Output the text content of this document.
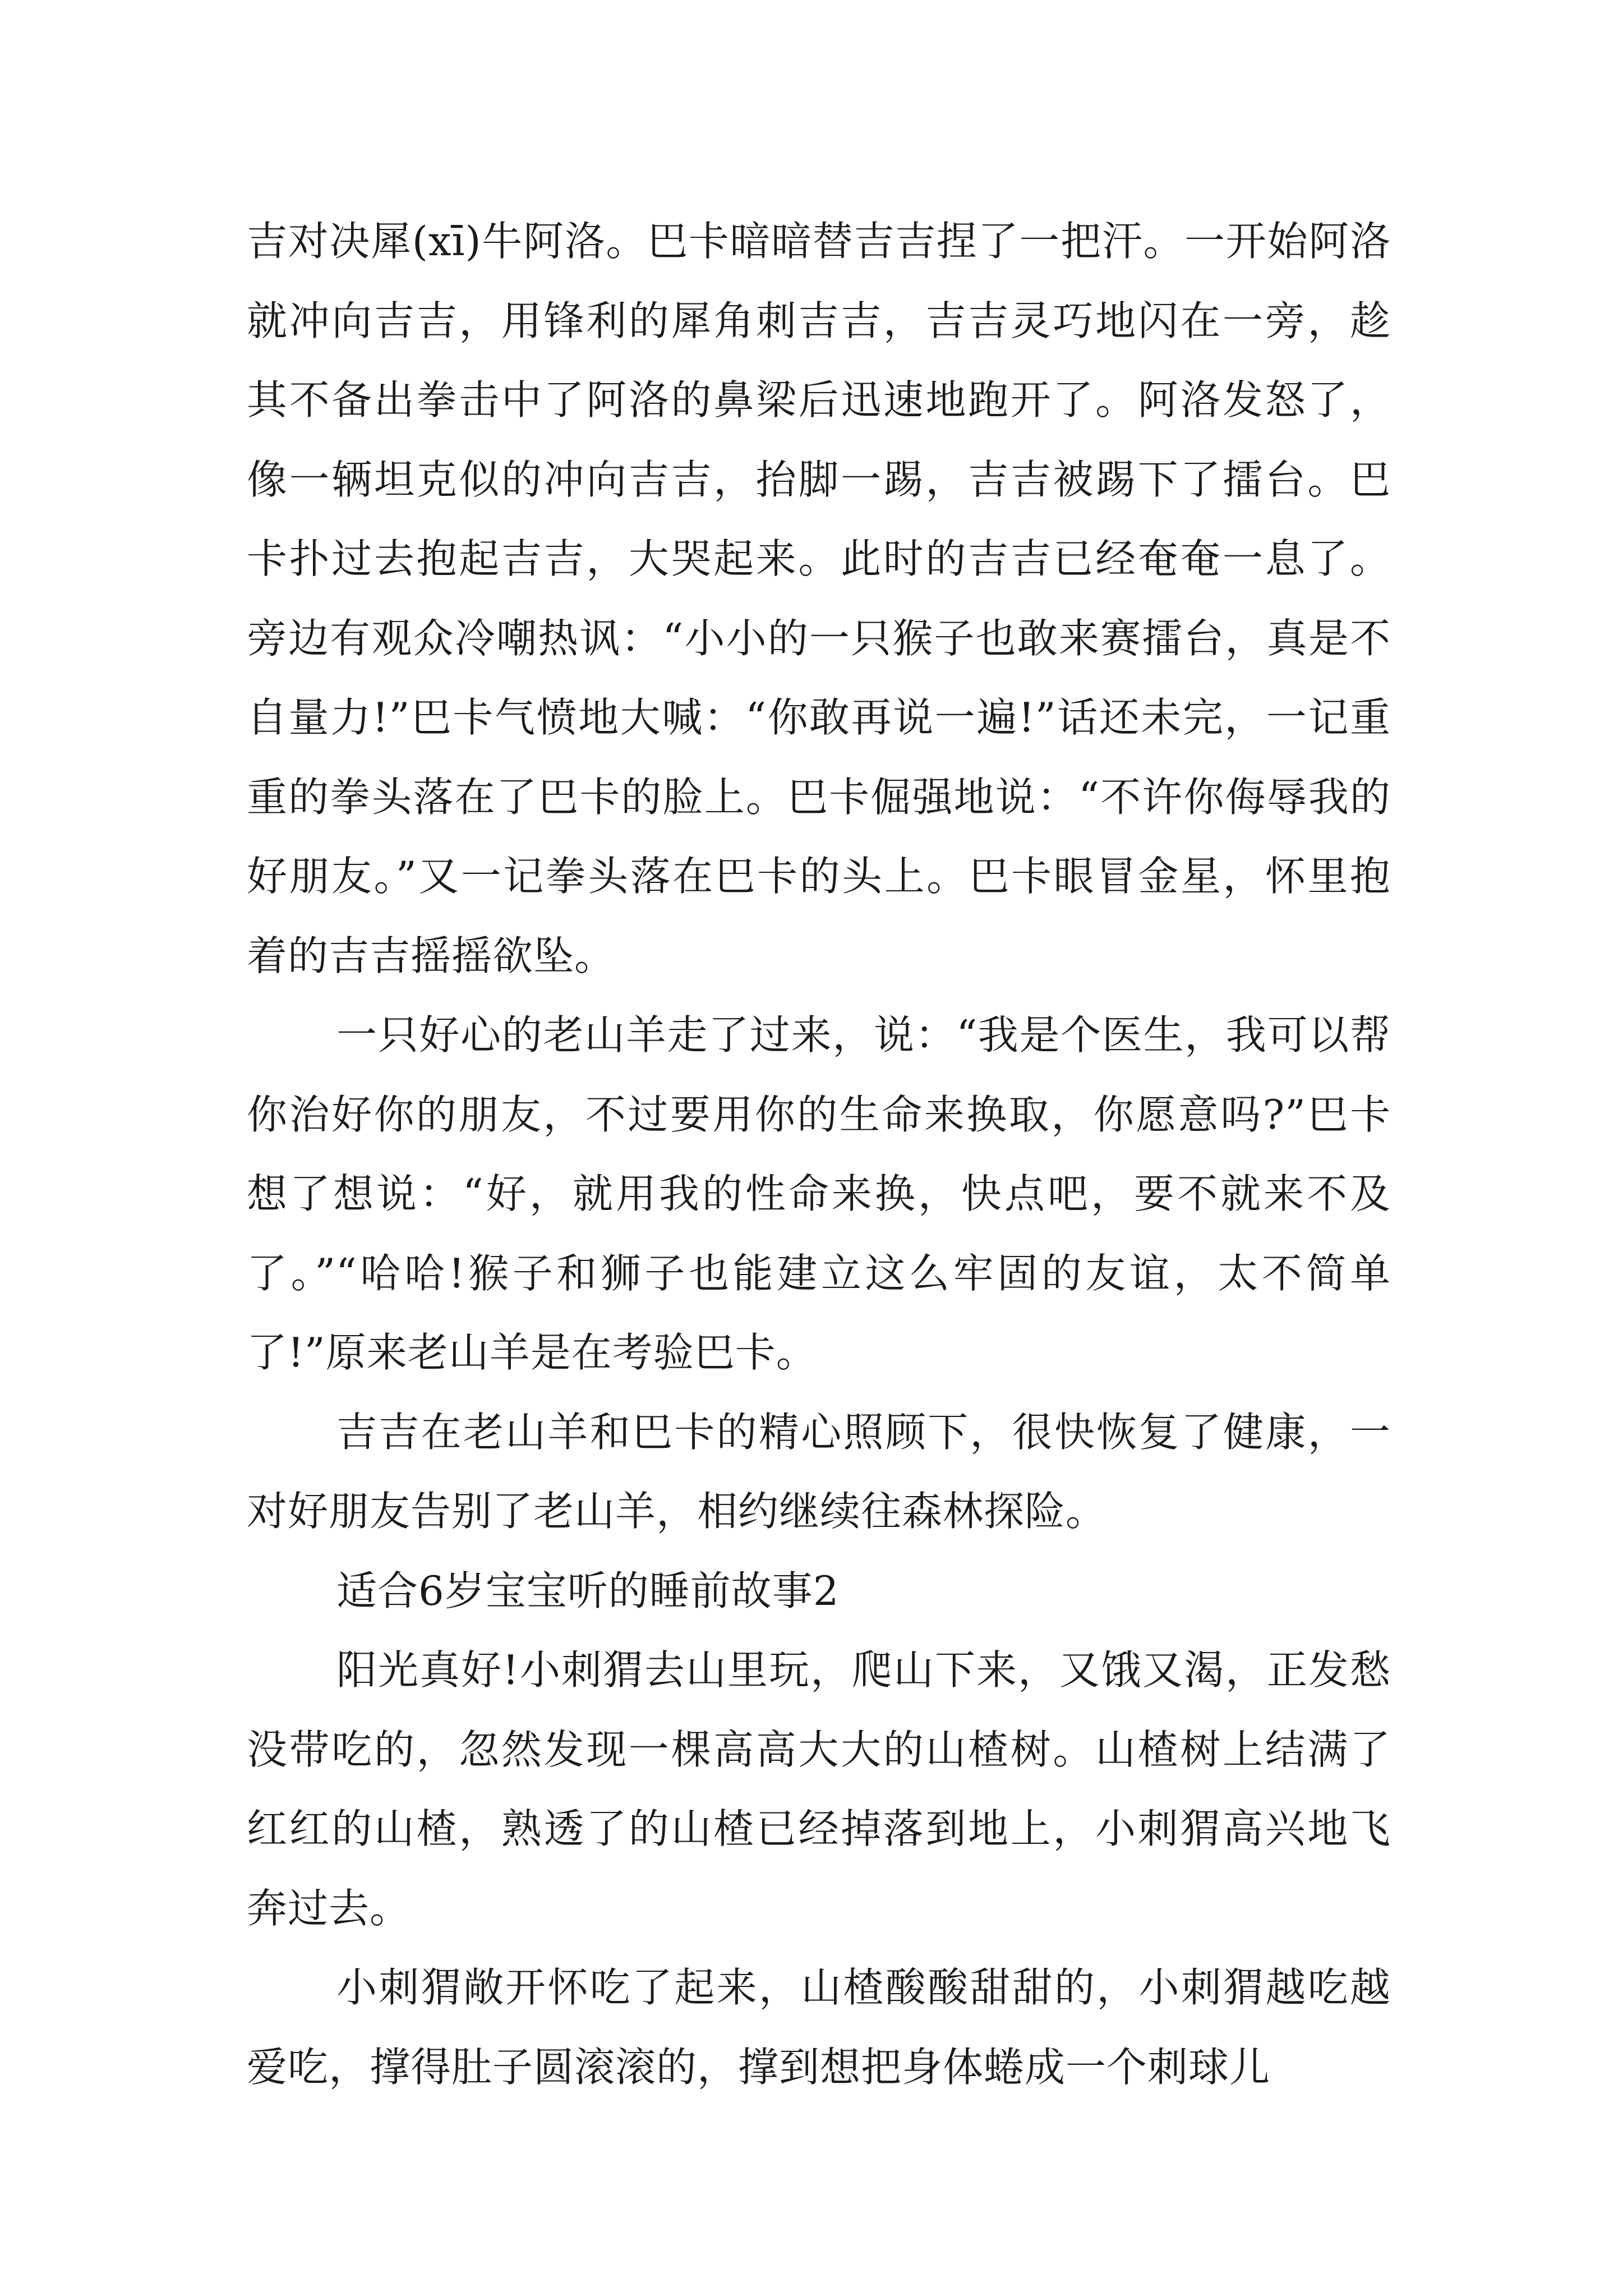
吉对决犀(xī)牛阿洛。巴卡暗暗替吉吉捏了一把汗。一开始阿洛就冲向吉吉，用锋利的犀角刺吉吉，吉吉灵巧地闪在一旁，趁其不备出拳击中了阿洛的鼻梁后迅速地跑开了。阿洛发怒了，像一辆坦克似的冲向吉吉，抬脚一踢，吉吉被踢下了擂台。巴卡扑过去抱起吉吉，大哭起来。此时的吉吉已经奄奄一息了。旁边有观众冷嘲热讽：“小小的一只猴子也敢来赛擂台，真是不自量力!”巴卡气愤地大喊：“你敢再说一遍!”话还未完，一记重重的拳头落在了巴卡的脸上。巴卡倔强地说：“不许你侮辱我的好朋友。”又一记拳头落在巴卡的头上。巴卡眼冒金星，怀里抱着的吉吉摇摇欲坠。

一只好心的老山羊走了过来，说：“我是个医生，我可以帮你治好你的朋友，不过要用你的生命来换取，你愿意吗?”巴卡想了想说：“好，就用我的性命来换，快点吧，要不就来不及了。”“哈哈!猴子和狮子也能建立这么牢固的友谊，太不简单了!”原来老山羊是在考验巴卡。

吉吉在老山羊和巴卡的精心照顾下，很快恢复了健康，一对好朋友告别了老山羊，相约继续往森林探险。

适合6岁宝宝听的睡前故事2

阳光真好!小刺猬去山里玩，爬山下来，又饿又渴，正发愁没带吃的，忽然发现一棵高高大大的山楂树。山楂树上结满了红红的山楂，熟透了的山楂已经掉落到地上，小刺猬高兴地飞奔过去。

小刺猬敞开怀吃了起来，山楂酸酸甜甜的，小刺猬越吃越爱吃，撑得肚子圆滚滚的，撑到想把身体蜷成一个刺球儿
